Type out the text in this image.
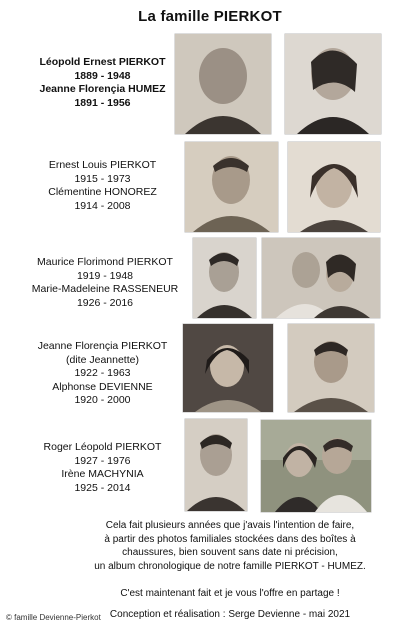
La famille PIERKOT
Léopold Ernest PIERKOT
1889 - 1948
Jeanne Florençia HUMEZ
1891 - 1956
Ernest Louis PIERKOT
1915 - 1973
Clémentine HONOREZ
1914 - 2008
Maurice Florimond PIERKOT
1919 - 1948
Marie-Madeleine RASSENEUR
1926 - 2016
Jeanne Florençia PIERKOT
(dite Jeannette)
1922 - 1963
Alphonse DEVIENNE
1920 - 2000
Roger Léopold PIERKOT
1927 - 1976
Irène MACHYNIA
1925 - 2014
Cela fait plusieurs années que j'avais l'intention de faire,
à partir des photos familiales stockées dans des boîtes à
chaussures, bien souvent sans date ni précision,
un album chronologique de notre famille PIERKOT - HUMEZ.
C'est maintenant fait et je vous l'offre en partage !
Conception et réalisation : Serge Devienne - mai 2021
© famille Devienne-Pierkot
